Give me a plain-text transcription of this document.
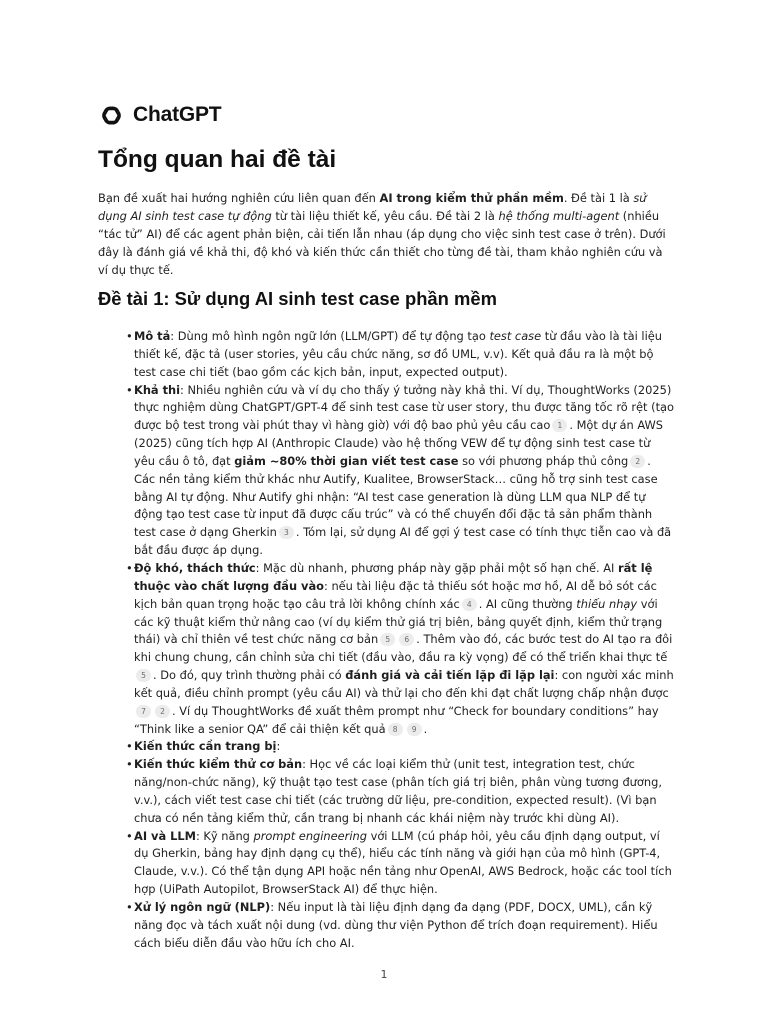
ChatGPT
Tổng quan hai đề tài

Bạn đề xuất hai hướng nghiên cứu liên quan đến AI trong kiểm thử phần mềm. Đề tài 1 là sử dụng AI sinh test case tự động từ tài liệu thiết kế, yêu cầu. Đề tài 2 là hệ thống multi-agent (nhiều “tác tử” AI) để các agent phản biện, cải tiến lẫn nhau (áp dụng cho việc sinh test case ở trên). Dưới đây là đánh giá về khả thi, độ khó và kiến thức cần thiết cho từng đề tài, tham khảo nghiên cứu và ví dụ thực tế.

Đề tài 1: Sử dụng AI sinh test case phần mềm
• Mô tả: Dùng mô hình ngôn ngữ lớn (LLM/GPT) để tự động tạo test case từ đầu vào là tài liệu thiết kế, đặc tả (user stories, yêu cầu chức năng, sơ đồ UML, v.v). Kết quả đầu ra là một bộ test case chi tiết (bao gồm các kịch bản, input, expected output).
• Khả thi: Nhiều nghiên cứu và ví dụ cho thấy ý tưởng này khả thi. Ví dụ, ThoughtWorks (2025) thực nghiệm dùng ChatGPT/GPT-4 để sinh test case từ user story, thu được tăng tốc rõ rệt (tạo được bộ test trong vài phút thay vì hàng giờ) với độ bao phủ yêu cầu cao 1 . Một dự án AWS (2025) cũng tích hợp AI (Anthropic Claude) vào hệ thống VEW để tự động sinh test case từ yêu cầu ô tô, đạt giảm ~80% thời gian viết test case so với phương pháp thủ công 2 . Các nền tảng kiểm thử khác như Autify, Kualitee, BrowserStack… cũng hỗ trợ sinh test case bằng AI tự động. Như Autify ghi nhận: “AI test case generation là dùng LLM qua NLP để tự động tạo test case từ input đã được cấu trúc” và có thể chuyển đổi đặc tả sản phẩm thành test case ở dạng Gherkin 3 . Tóm lại, sử dụng AI để gợi ý test case có tính thực tiễn cao và đã bắt đầu được áp dụng.
• Độ khó, thách thức: Mặc dù nhanh, phương pháp này gặp phải một số hạn chế. AI rất lệ thuộc vào chất lượng đầu vào: nếu tài liệu đặc tả thiếu sót hoặc mơ hồ, AI dễ bỏ sót các kịch bản quan trọng hoặc tạo câu trả lời không chính xác 4 . AI cũng thường thiếu nhạy với các kỹ thuật kiểm thử nâng cao (ví dụ kiểm thử giá trị biên, bảng quyết định, kiểm thử trạng thái) và chỉ thiên về test chức năng cơ bản 5 6 . Thêm vào đó, các bước test do AI tạo ra đôi khi chung chung, cần chỉnh sửa chi tiết (đầu vào, đầu ra kỳ vọng) để có thể triển khai thực tế5 . Do đó, quy trình thường phải có đánh giá và cải tiến lặp đi lặp lại: con người xác minh kết quả, điều chỉnh prompt (yêu cầu AI) và thử lại cho đến khi đạt chất lượng chấp nhận được7 2 . Ví dụ ThoughtWorks đề xuất thêm prompt như “Check for boundary conditions” hay “Think like a senior QA” để cải thiện kết quả 8 9 .
• Kiến thức cần trang bị:
• Kiến thức kiểm thử cơ bản: Học về các loại kiểm thử (unit test, integration test, chức năng/non-chức năng), kỹ thuật tạo test case (phân tích giá trị biên, phân vùng tương đương, v.v.), cách viết test case chi tiết (các trường dữ liệu, pre-condition, expected result). (Vì bạn chưa có nền tảng kiểm thử, cần trang bị nhanh các khái niệm này trước khi dùng AI).
• AI và LLM: Kỹ năng prompt engineering với LLM (cú pháp hỏi, yêu cầu định dạng output, ví dụ Gherkin, bảng hay định dạng cụ thể), hiểu các tính năng và giới hạn của mô hình (GPT-4, Claude, v.v.). Có thể tận dụng API hoặc nền tảng như OpenAI, AWS Bedrock, hoặc các tool tích hợp (UiPath Autopilot, BrowserStack AI) để thực hiện.
• Xử lý ngôn ngữ (NLP): Nếu input là tài liệu định dạng đa dạng (PDF, DOCX, UML), cần kỹ năng đọc và tách xuất nội dung (vd. dùng thư viện Python để trích đoạn requirement). Hiểu cách biểu diễn đầu vào hữu ích cho AI.
1
